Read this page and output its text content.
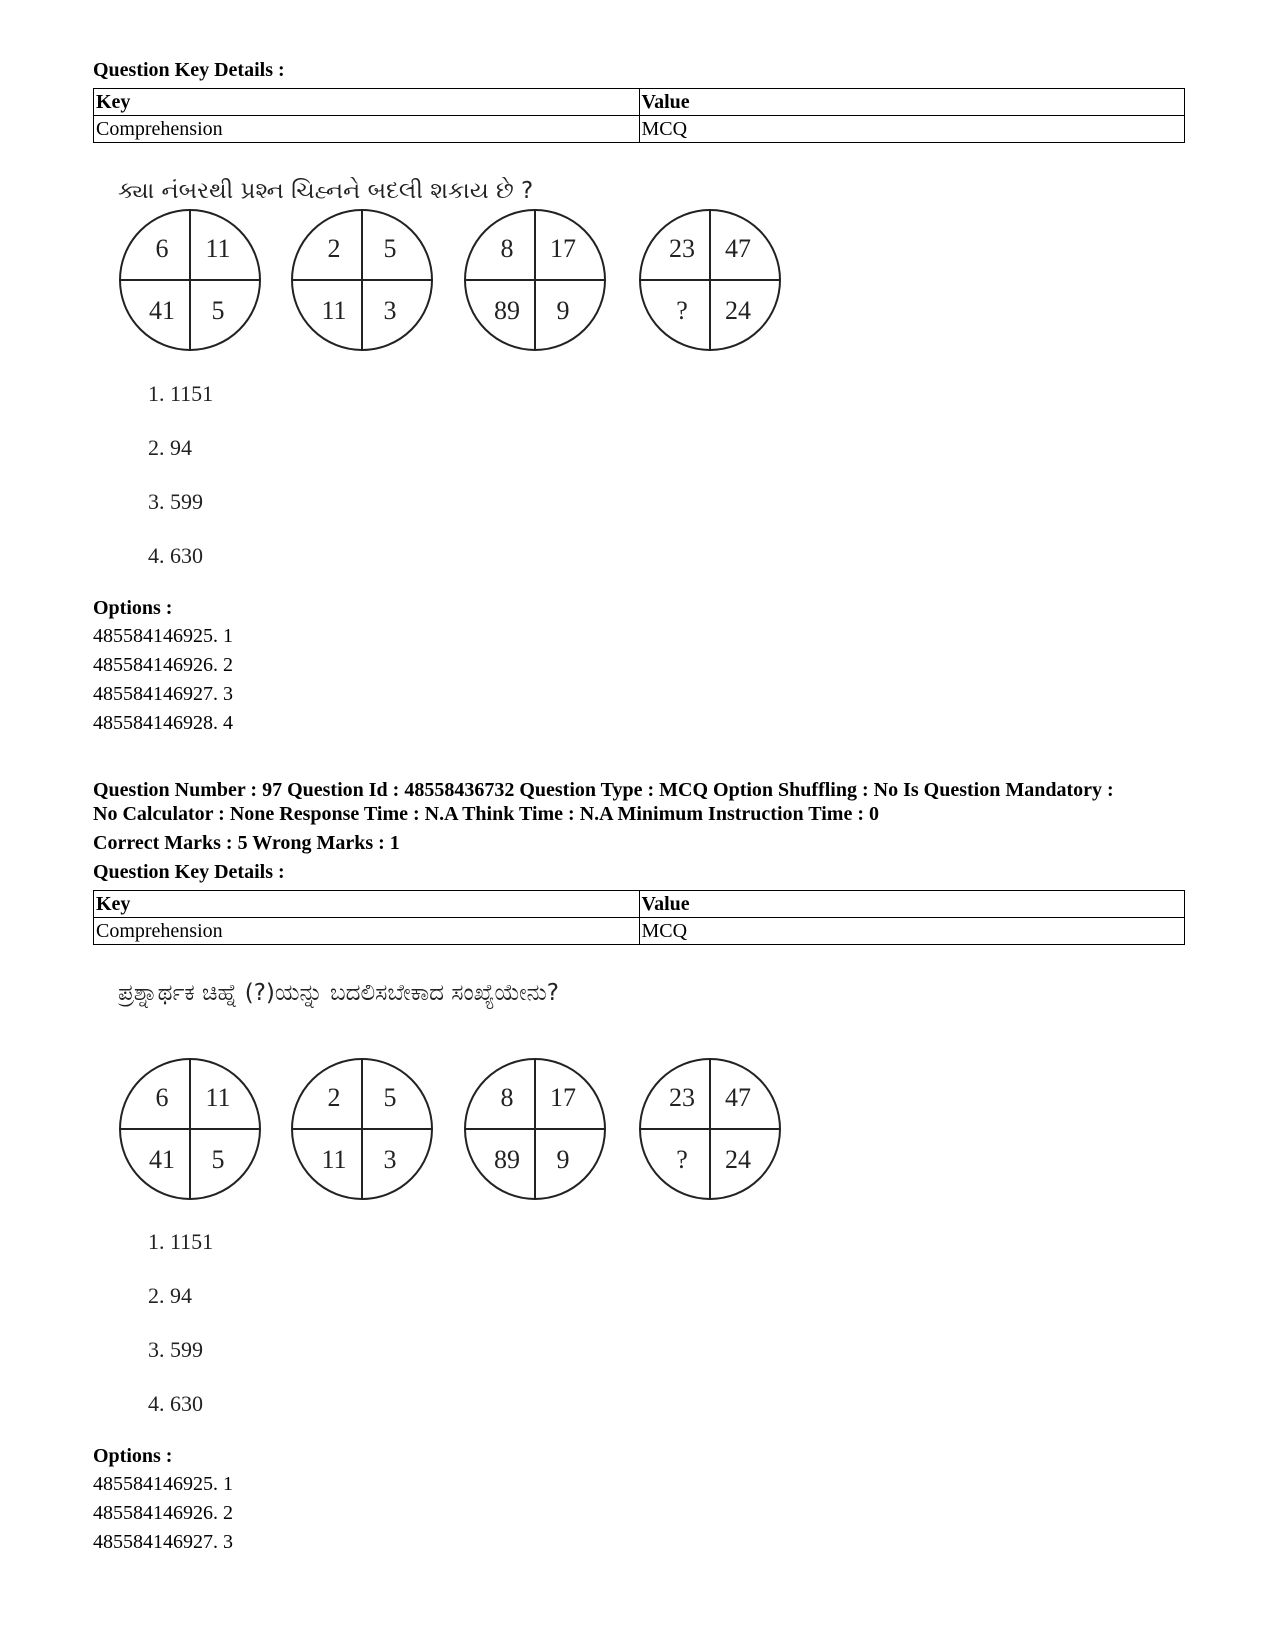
Question Key Details :
Key	Value
Comprehension	MCQ
ક્યા નંબરથી પ્રશ્ન ચિહ્નને બદલી શકાય છે ?
6 11
41 5
2 5
11 3
8 17
89 9
23 47
? 24
1. 1151
2. 94
3. 599
4. 630
Options :
485584146925. 1
485584146926. 2
485584146927. 3
485584146928. 4
Question Number : 97 Question Id : 48558436732 Question Type : MCQ Option Shuffling : No Is Question Mandatory :
No Calculator : None Response Time : N.A Think Time : N.A Minimum Instruction Time : 0
Correct Marks : 5 Wrong Marks : 1
Question Key Details :
Key	Value
Comprehension	MCQ
ಪ್ರಶ್ನಾರ್ಥಕ ಚಿಹ್ನೆ (?)ಯನ್ನು ಬದಲಿಸಬೇಕಾದ ಸಂಖ್ಯೆಯೇನು?
6 11
41 5
2 5
11 3
8 17
89 9
23 47
? 24
1. 1151
2. 94
3. 599
4. 630
Options :
485584146925. 1
485584146926. 2
485584146927. 3
